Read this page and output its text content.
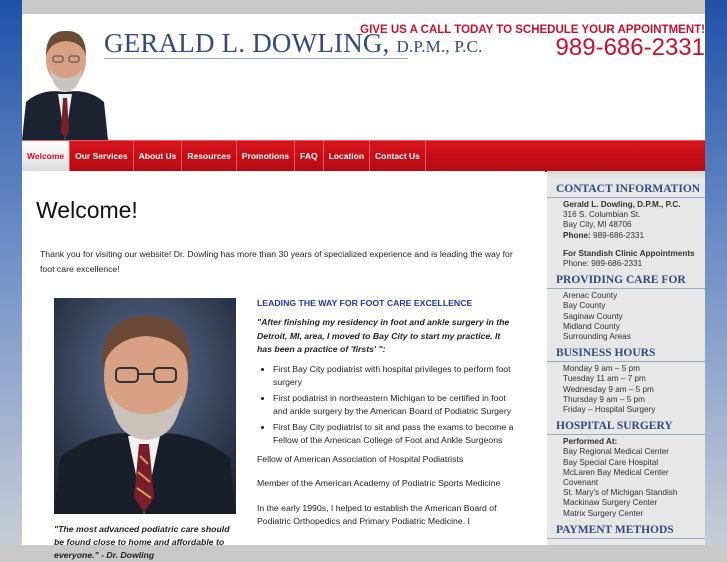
GERALD L. DOWLING, D.P.M., P.C.
GIVE US A CALL TODAY TO SCHEDULE YOUR APPOINTMENT!
989-686-2331
Welcome	Our Services	About Us	Resources	Promotions	FAQ	Location	Contact Us
Welcome!

Thank you for visiting our website! Dr. Dowling has more than 30 years of specialized experience and is leading the way for foot care excellence!

"The most advanced podiatric care should be found close to home and affordable to everyone." - Dr. Dowling

LEADING THE WAY FOR FOOT CARE EXCELLENCE

"After finishing my residency in foot and ankle surgery in the Detroit, MI, area, I moved to Bay City to start my practice. It has been a practice of 'firsts' ":

• First Bay City podiatrist with hospital privileges to perform foot surgery
• First podiatrist in northeastern Michigan to be certified in foot and ankle surgery by the American Board of Podiatric Surgery
• First Bay City podiatrist to sit and pass the exams to become a Fellow of the American College of Foot and Ankle Surgeons

Fellow of American Association of Hospital Podiatrists

Member of the American Academy of Podiatric Sports Medicine

In the early 1990s, I helped to establish the American Board of Podiatric Orthopedics and Primary Podiatric Medicine. I

CONTACT INFORMATION
Gerald L. Dowling, D.P.M., P.C.
316 S. Columbian St.
Bay City, MI 48706
Phone: 989-686-2331
For Standish Clinic Appointments
Phone: 989-686-2331
PROVIDING CARE FOR
Arenac County
Bay County
Saginaw County
Midland County
Surrounding Areas
BUSINESS HOURS
Monday 9 am – 5 pm
Tuesday 11 am – 7 pm
Wednesday 9 am – 5 pm
Thursday 9 am – 5 pm
Friday – Hospital Surgery
HOSPITAL SURGERY
Performed At:
Bay Regional Medical Center
Bay Special Care Hospital
McLaren Bay Medical Center Covenant
St. Mary's of Michigan Standish
Mackinaw Surgery Center
Matrix Surgery Center
PAYMENT METHODS
